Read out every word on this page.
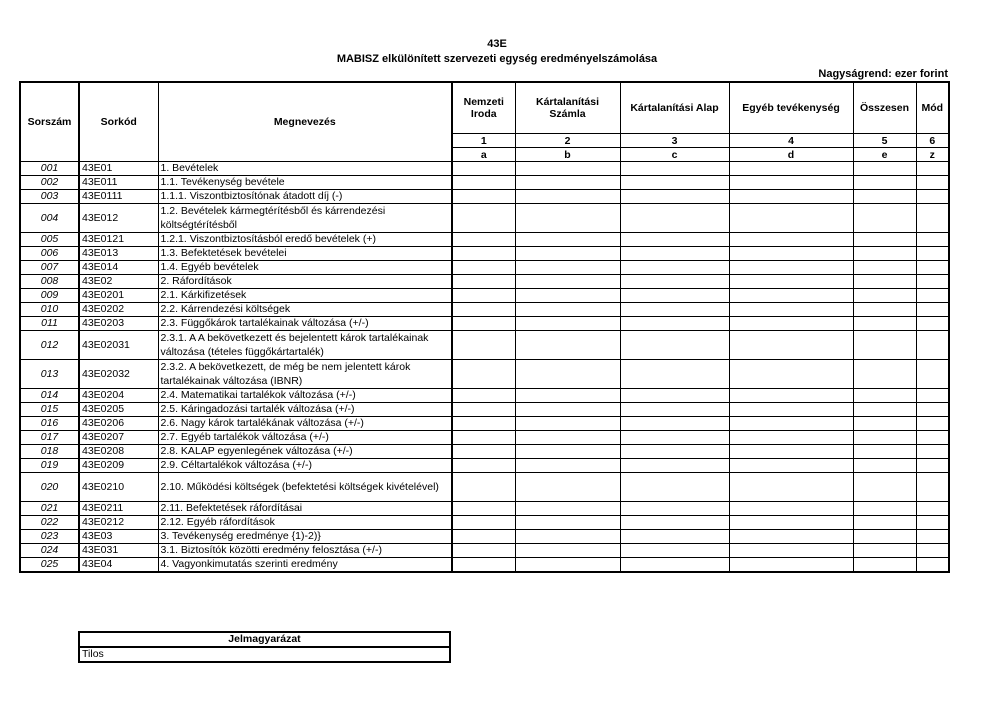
43E
MABISZ elkülönített szervezeti egység eredményelszámolása
Nagyságrend: ezer forint
Sorszám	Sorkód	Megnevezés	Nemzeti Iroda	Kártalanítási Számla	Kártalanítási Alap	Egyéb tevékenység	Összesen	Mód
			1	2	3	4	5	6
			a	b	c	d	e	z
001	43E01	1. Bevételek						
002	43E011	1.1. Tevékenység bevétele						
003	43E0111	1.1.1. Viszontbiztosítónak átadott díj (-)						
004	43E012	1.2. Bevételek kármegtérítésből és kárrendezési költségtérítésből						
005	43E0121	1.2.1. Viszontbiztosításból eredő bevételek (+)						
006	43E013	1.3. Befektetések bevételei						
007	43E014	1.4. Egyéb bevételek						
008	43E02	2. Ráfordítások						
009	43E0201	2.1. Kárkifizetések						
010	43E0202	2.2. Kárrendezési költségek						
011	43E0203	2.3. Függőkárok tartalékainak változása (+/-)						
012	43E02031	2.3.1. A A bekövetkezett és bejelentett károk tartalékainak változása (tételes függőkártartalék)						
013	43E02032	2.3.2. A bekövetkezett, de még be nem jelentett károk tartalékainak változása (IBNR)						
014	43E0204	2.4. Matematikai tartalékok változása (+/-)						
015	43E0205	2.5. Káringadozási tartalék változása (+/-)						
016	43E0206	2.6. Nagy károk tartalékának változása (+/-)						
017	43E0207	2.7. Egyéb tartalékok változása (+/-)						
018	43E0208	2.8. KALAP egyenlegének változása (+/-)						
019	43E0209	2.9. Céltartalékok változása (+/-)						
020	43E0210	2.10. Működési költségek (befektetési költségek kivételével)						
021	43E0211	2.11. Befektetések ráfordításai						
022	43E0212	2.12. Egyéb ráfordítások						
023	43E03	3. Tevékenység eredménye {1)-2)}						
024	43E031	3.1. Biztosítók közötti eredmény felosztása (+/-)						
025	43E04	4. Vagyonkimutatás szerinti eredmény						
Jelmagyarázat
Tilos
